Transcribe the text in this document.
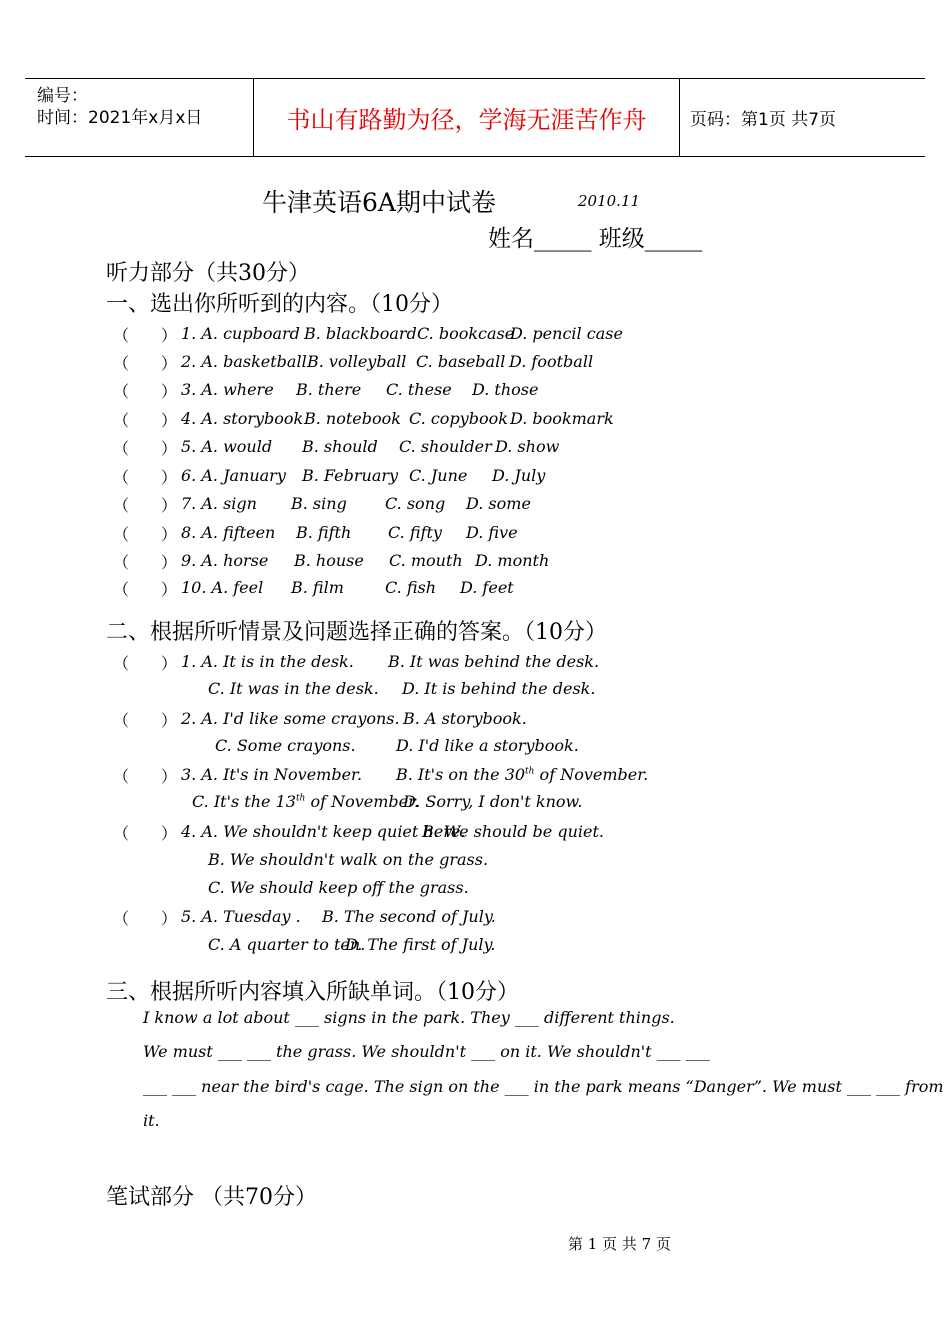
编号：
时间：2021年x月x日	书山有路勤为径，学海无涯苦作舟	页码：第1页 共7页
牛津英语6A期中试卷	2010.11
姓名_____ 班级_____
听力部分（共30分）
一、选出你所听到的内容。（10分）
（ ） 1. A. cupboard B. blackboard C. bookcase
D. pencil case
（ ） 2. A. basketball B. volleyball C. baseball D. football
（ ） 3. A. where B. there C. these D. those
（ ） 4. A. storybook B. notebook C. copybook D. bookmark
（ ） 5. A. would B. should C. shoulder D. show
（ ） 6. A. January B. February C. June D. July
（ ） 7. A. sign B. sing C. song D. some
（ ） 8. A. fifteen B. fifth C. fifty D. five
（ ） 9. A. horse B. house C. mouth D. month
（ ） 10. A. feel B. film	C. fish D. feet
二、根据所听情景及问题选择正确的答案。（10分）
（ ） 1. A. It is in the desk. B. It was behind the desk.
C. It was in the desk. D. It is behind the desk.
（ ） 2. A. I'd like some crayons. B. A storybook.
C. Some crayons.	D. I'd like a storybook.
（ ） 3. A. It's in November. B. It's on the 30th of November.
C. It's the 13th of November.
D. Sorry, I don't know.
（ ） 4. A. We shouldn't keep quiet here.
B. We should be quiet.
B. We shouldn't walk on the grass.
C. We should keep off the grass.
（ ） 5. A. Tuesday . B. The second of July.
C. A quarter to ten.
D. The first of July.
三、根据所听内容填入所缺单词。（10分）
I know a lot about ___ signs in the park. They ___ different things.
We must ___ ___ the grass. We shouldn't ___ on it. We shouldn't ___ ___
___ ___ near the bird's cage. The sign on the ___ in the park means “Danger”. We must ___ ___ from
it.
笔试部分 （共70分）
第 1 页 共 7 页
